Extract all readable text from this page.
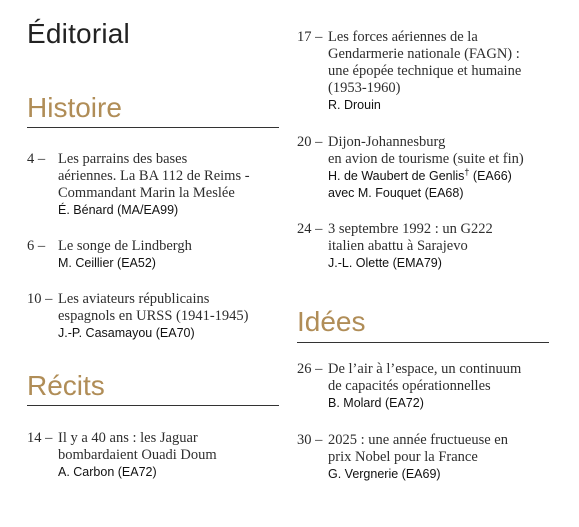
Éditorial
Histoire
4 – Les parrains des bases
aériennes. La BA 112 de Reims -
Commandant Marin la Meslée
É. Bénard (MA/EA99)
6 – Le songe de Lindbergh
M. Ceillier (EA52)
10 – Les aviateurs républicains
espagnols en URSS (1941-1945)
J.-P. Casamayou (EA70)
Récits
14 – Il y a 40 ans : les Jaguar
bombardaient Ouadi Doum
A. Carbon (EA72)
17 – Les forces aériennes de la
Gendarmerie nationale (FAGN) :
une épopée technique et humaine
(1953-1960)
R. Drouin
20 – Dijon-Johannesburg
en avion de tourisme (suite et fin)
H. de Waubert de Genlis† (EA66)
avec M. Fouquet (EA68)
24 – 3 septembre 1992 : un G222
italien abattu à Sarajevo
J.-L. Olette (EMA79)
Idées
26 – De l’air à l’espace, un continuum
de capacités opérationnelles
B. Molard (EA72)
30 – 2025 : une année fructueuse en
prix Nobel pour la France
G. Vergnerie (EA69)
